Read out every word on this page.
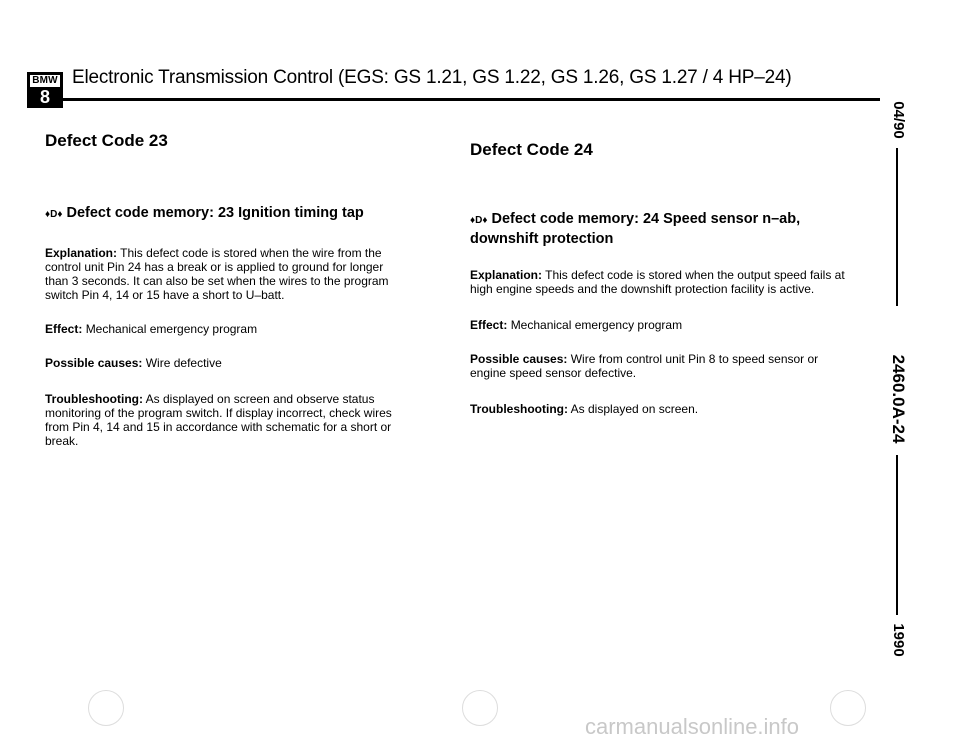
BMW
8
Electronic Transmission Control (EGS: GS 1.21, GS 1.22, GS 1.26, GS 1.27 / 4 HP–24)
04/90
2460.0A-24
1990
Defect Code 23
♦D♦ Defect code memory: 23 Ignition timing tap

Explanation: This defect code is stored when the wire from the control unit Pin 24 has a break or is applied to ground for longer than 3 seconds. It can also be set when the wires to the program switch Pin 4, 14 or 15 have a short to U–batt.

Effect: Mechanical emergency program

Possible causes: Wire defective

Troubleshooting: As displayed on screen and observe status monitoring of the program switch. If display incorrect, check wires from Pin 4, 14 and 15 in accordance with schematic for a short or break.

Defect Code 24
♦D♦ Defect code memory: 24 Speed sensor n–ab, downshift protection

Explanation: This defect code is stored when the output speed fails at high engine speeds and the downshift protection facility is active.

Effect: Mechanical emergency program

Possible causes: Wire from control unit Pin 8 to speed sensor or engine speed sensor defective.

Troubleshooting: As displayed on screen.

carmanualsonline.info
